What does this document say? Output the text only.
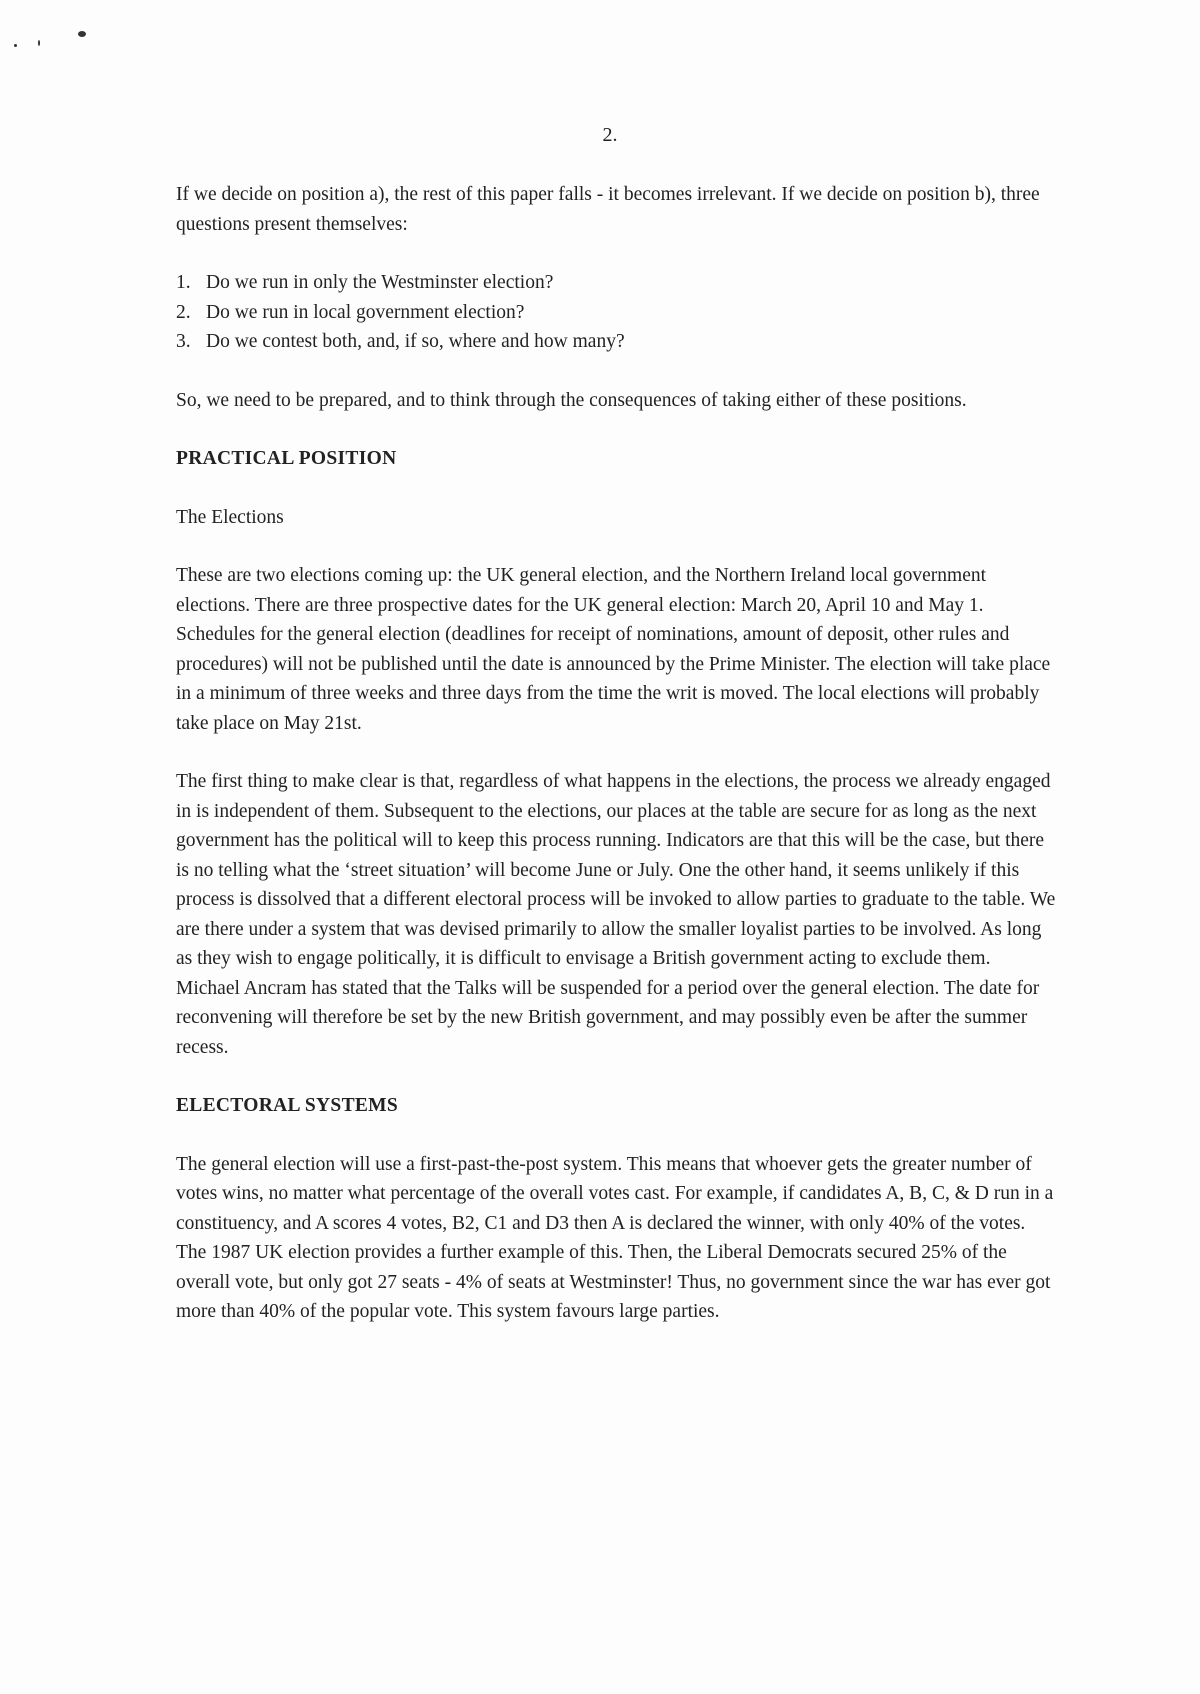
2.

If we decide on position a), the rest of this paper falls - it becomes irrelevant. If we decide on position b), three questions present themselves:

1. Do we run in only the Westminster election?
2. Do we run in local government election?
3. Do we contest both, and, if so, where and how many?

So, we need to be prepared, and to think through the consequences of taking either of these positions.

PRACTICAL POSITION
The Elections

These are two elections coming up: the UK general election, and the Northern Ireland local government elections. There are three prospective dates for the UK general election: March 20, April 10 and May 1. Schedules for the general election (deadlines for receipt of nominations, amount of deposit, other rules and procedures) will not be published until the date is announced by the Prime Minister. The election will take place in a minimum of three weeks and three days from the time the writ is moved. The local elections will probably take place on May 21st.

The first thing to make clear is that, regardless of what happens in the elections, the process we already engaged in is independent of them. Subsequent to the elections, our places at the table are secure for as long as the next government has the political will to keep this process running. Indicators are that this will be the case, but there is no telling what the ‘street situation’ will become June or July. One the other hand, it seems unlikely if this process is dissolved that a different electoral process will be invoked to allow parties to graduate to the table. We are there under a system that was devised primarily to allow the smaller loyalist parties to be involved. As long as they wish to engage politically, it is difficult to envisage a British government acting to exclude them. Michael Ancram has stated that the Talks will be suspended for a period over the general election. The date for reconvening will therefore be set by the new British government, and may possibly even be after the summer recess.

ELECTORAL SYSTEMS

The general election will use a first-past-the-post system. This means that whoever gets the greater number of votes wins, no matter what percentage of the overall votes cast. For example, if candidates A, B, C, & D run in a constituency, and A scores 4 votes, B2, C1 and D3 then A is declared the winner, with only 40% of the votes. The 1987 UK election provides a further example of this. Then, the Liberal Democrats secured 25% of the overall vote, but only got 27 seats - 4% of seats at Westminster! Thus, no government since the war has ever got more than 40% of the popular vote. This system favours large parties.
